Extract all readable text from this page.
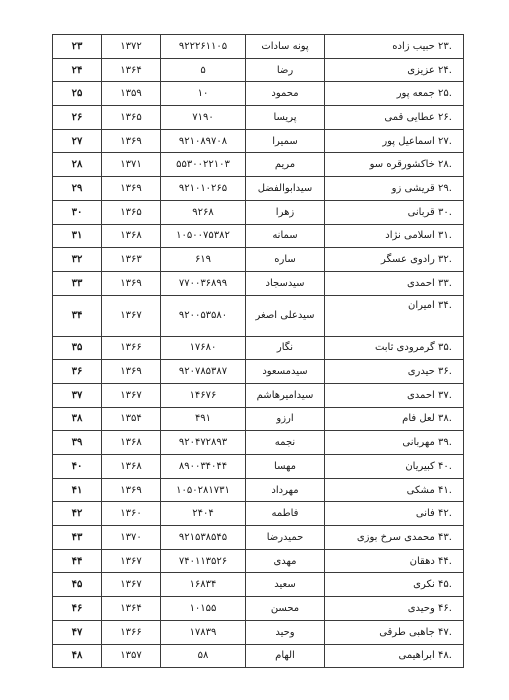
۲۳	۱۳۷۲	۹۲۲۲۶۱۱۰۵	پونه سادات	.۲۳ حبیب زاده
۲۴	۱۳۶۴	۵	رضا	.۲۴ عزیزی
۲۵	۱۳۵۹	۱۰	محمود	.۲۵ جمعه پور
۲۶	۱۳۶۵	۷۱۹۰	پریسا	.۲۶ عطایی قمی
۲۷	۱۳۶۹	۹۲۱۰۸۹۷۰۸	سمیرا	.۲۷ اسماعیل پور
۲۸	۱۳۷۱	۵۵۳۰۰۲۲۱۰۳	مریم	.۲۸ خاکشورقره سو
۲۹	۱۳۶۹	۹۲۱۰۱۰۲۶۵	سیدابوالفضل	.۲۹ قریشی زو
۳۰	۱۳۶۵	۹۲۶۸	زهرا	.۳۰ قربانی
۳۱	۱۳۶۸	۱۰۵۰۰۷۵۳۸۲	سمانه	.۳۱ اسلامی نژاد
۳۲	۱۳۶۳	۶۱۹	ساره	.۳۲ رادوی عسگر
۳۳	۱۳۶۹	۷۷۰۰۳۶۸۹۹	سیدسجاد	.۳۳ احمدی
۳۴	۱۳۶۷	۹۲۰۰۵۳۵۸۰	سیدعلی اصغر	.۳۴ امیران
۳۵	۱۳۶۶	۱۷۶۸۰	نگار	.۳۵ گرمرودی ثابت
۳۶	۱۳۶۹	۹۲۰۷۸۵۳۸۷	سیدمسعود	.۳۶ حیدری
۳۷	۱۳۶۷	۱۴۶۷۶	سیدامیرهاشم	.۳۷ احمدی
۳۸	۱۳۵۴	۴۹۱	ارزو	.۳۸ لعل فام
۳۹	۱۳۶۸	۹۲۰۴۷۲۸۹۳	نجمه	.۳۹ مهربانی
۴۰	۱۳۶۸	۸۹۰۰۳۴۰۴۴	مهسا	.۴۰ کبیریان
۴۱	۱۳۶۹	۱۰۵۰۲۸۱۷۳۱	مهرداد	.۴۱ مشکی
۴۲	۱۳۶۰	۲۴۰۴	فاطمه	.۴۲ فانی
۴۳	۱۳۷۰	۹۲۱۵۳۸۵۴۵	حمیدرضا	.۴۳ محمدی سرخ بوزی
۴۴	۱۳۶۷	۷۴۰۱۱۳۵۲۶	مهدی	.۴۴ دهقان
۴۵	۱۳۶۷	۱۶۸۳۴	سعید	.۴۵ نکری
۴۶	۱۳۶۴	۱۰۱۵۵	محسن	.۴۶ وحیدی
۴۷	۱۳۶۶	۱۷۸۳۹	وحید	.۴۷ جاهبی طرقی
۴۸	۱۳۵۷	۵۸	الهام	.۴۸ ابراهیمی
